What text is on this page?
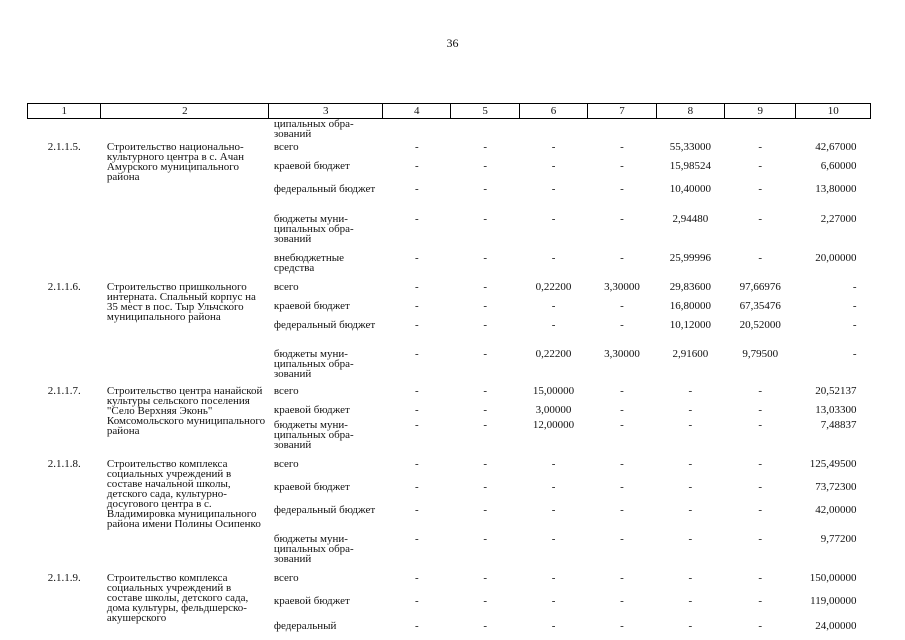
36
1	2	3	4	5	6	7	8	9	10
		ципальных обра-
зований							
2.1.1.5.	Строительство национально-культурного центра в с. Ачан Амурского муниципального района	всего	-	-	-	-	55,33000	-	42,67000
		краевой бюджет	-	-	-	-	15,98524	-	6,60000
		федеральный бюджет	-	-	-	-	10,40000	-	13,80000
		бюджеты муни-ципальных обра-зований	-	-	-	-	2,94480	-	2,27000
		внебюджетные средства	-	-	-	-	25,99996	-	20,00000
2.1.1.6.	Строительство пришкольного интерната. Спальный корпус на 35 мест в пос. Тыр Ульчского муниципального района	всего	-	-	0,22200	3,30000	29,83600	97,66976	-
		краевой бюджет	-	-	-	-	16,80000	67,35476	-
		федеральный бюджет	-	-	-	-	10,12000	20,52000	-
		бюджеты муни-ципальных обра-зований	-	-	0,22200	3,30000	2,91600	9,79500	-
2.1.1.7.	Строительство центра нанайской культуры сельского поселения "Село Верхняя Эконь" Комсомольского муниципального района	всего	-	-	15,00000	-	-	-	20,52137
		краевой бюджет	-	-	3,00000	-	-	-	13,03300
		бюджеты муни-ципальных обра-зований	-	-	12,00000	-	-	-	7,48837
2.1.1.8.	Строительство комплекса социальных учреждений в составе начальной школы, детского сада, культурно-досугового центра в с. Владимировка муниципального района имени Полины Осипенко	всего	-	-	-	-	-	-	125,49500
		краевой бюджет	-	-	-	-	-	-	73,72300
		федеральный бюджет	-	-	-	-	-	-	42,00000
		бюджеты муни-ципальных обра-зований	-	-	-	-	-	-	9,77200
2.1.1.9.	Строительство комплекса социальных учреждений в составе школы, детского сада, дома культуры, фельдшерско-акушерского	всего	-	-	-	-	-	-	150,00000
		краевой бюджет	-	-	-	-	-	-	119,00000
		федеральный	-	-	-	-	-	-	24,00000
